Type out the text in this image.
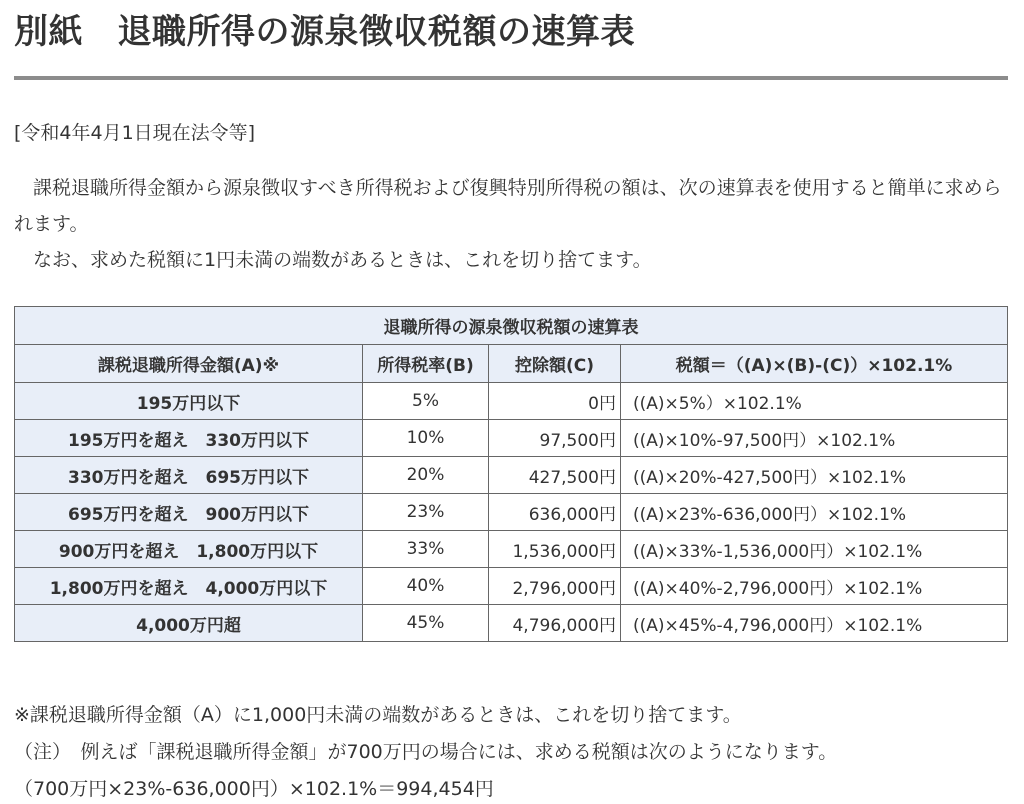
別紙　退職所得の源泉徴収税額の速算表
[令和4年4月1日現在法令等]

課税退職所得金額から源泉徴収すべき所得税および復興特別所得税の額は、次の速算表を使用すると簡単に求められます。

なお、求めた税額に1円未満の端数があるときは、これを切り捨てます。

退職所得の源泉徴収税額の速算表			
課税退職所得金額(A)※	所得税率(B)	控除額(C)	税額＝（(A)×(B)-(C)）×102.1%
195万円以下	5%	0円	((A)×5%）×102.1%
195万円を超え　330万円以下	10%	97,500円	((A)×10%-97,500円）×102.1%
330万円を超え　695万円以下	20%	427,500円	((A)×20%-427,500円）×102.1%
695万円を超え　900万円以下	23%	636,000円	((A)×23%-636,000円）×102.1%
900万円を超え　1,800万円以下	33%	1,536,000円	((A)×33%-1,536,000円）×102.1%
1,800万円を超え　4,000万円以下	40%	2,796,000円	((A)×40%-2,796,000円）×102.1%
4,000万円超	45%	4,796,000円	((A)×45%-4,796,000円）×102.1%
※課税退職所得金額（A）に1,000円未満の端数があるときは、これを切り捨てます。
（注）　例えば「課税退職所得金額」が700万円の場合には、求める税額は次のようになります。
（700万円×23%-636,000円）×102.1%＝994,454円
